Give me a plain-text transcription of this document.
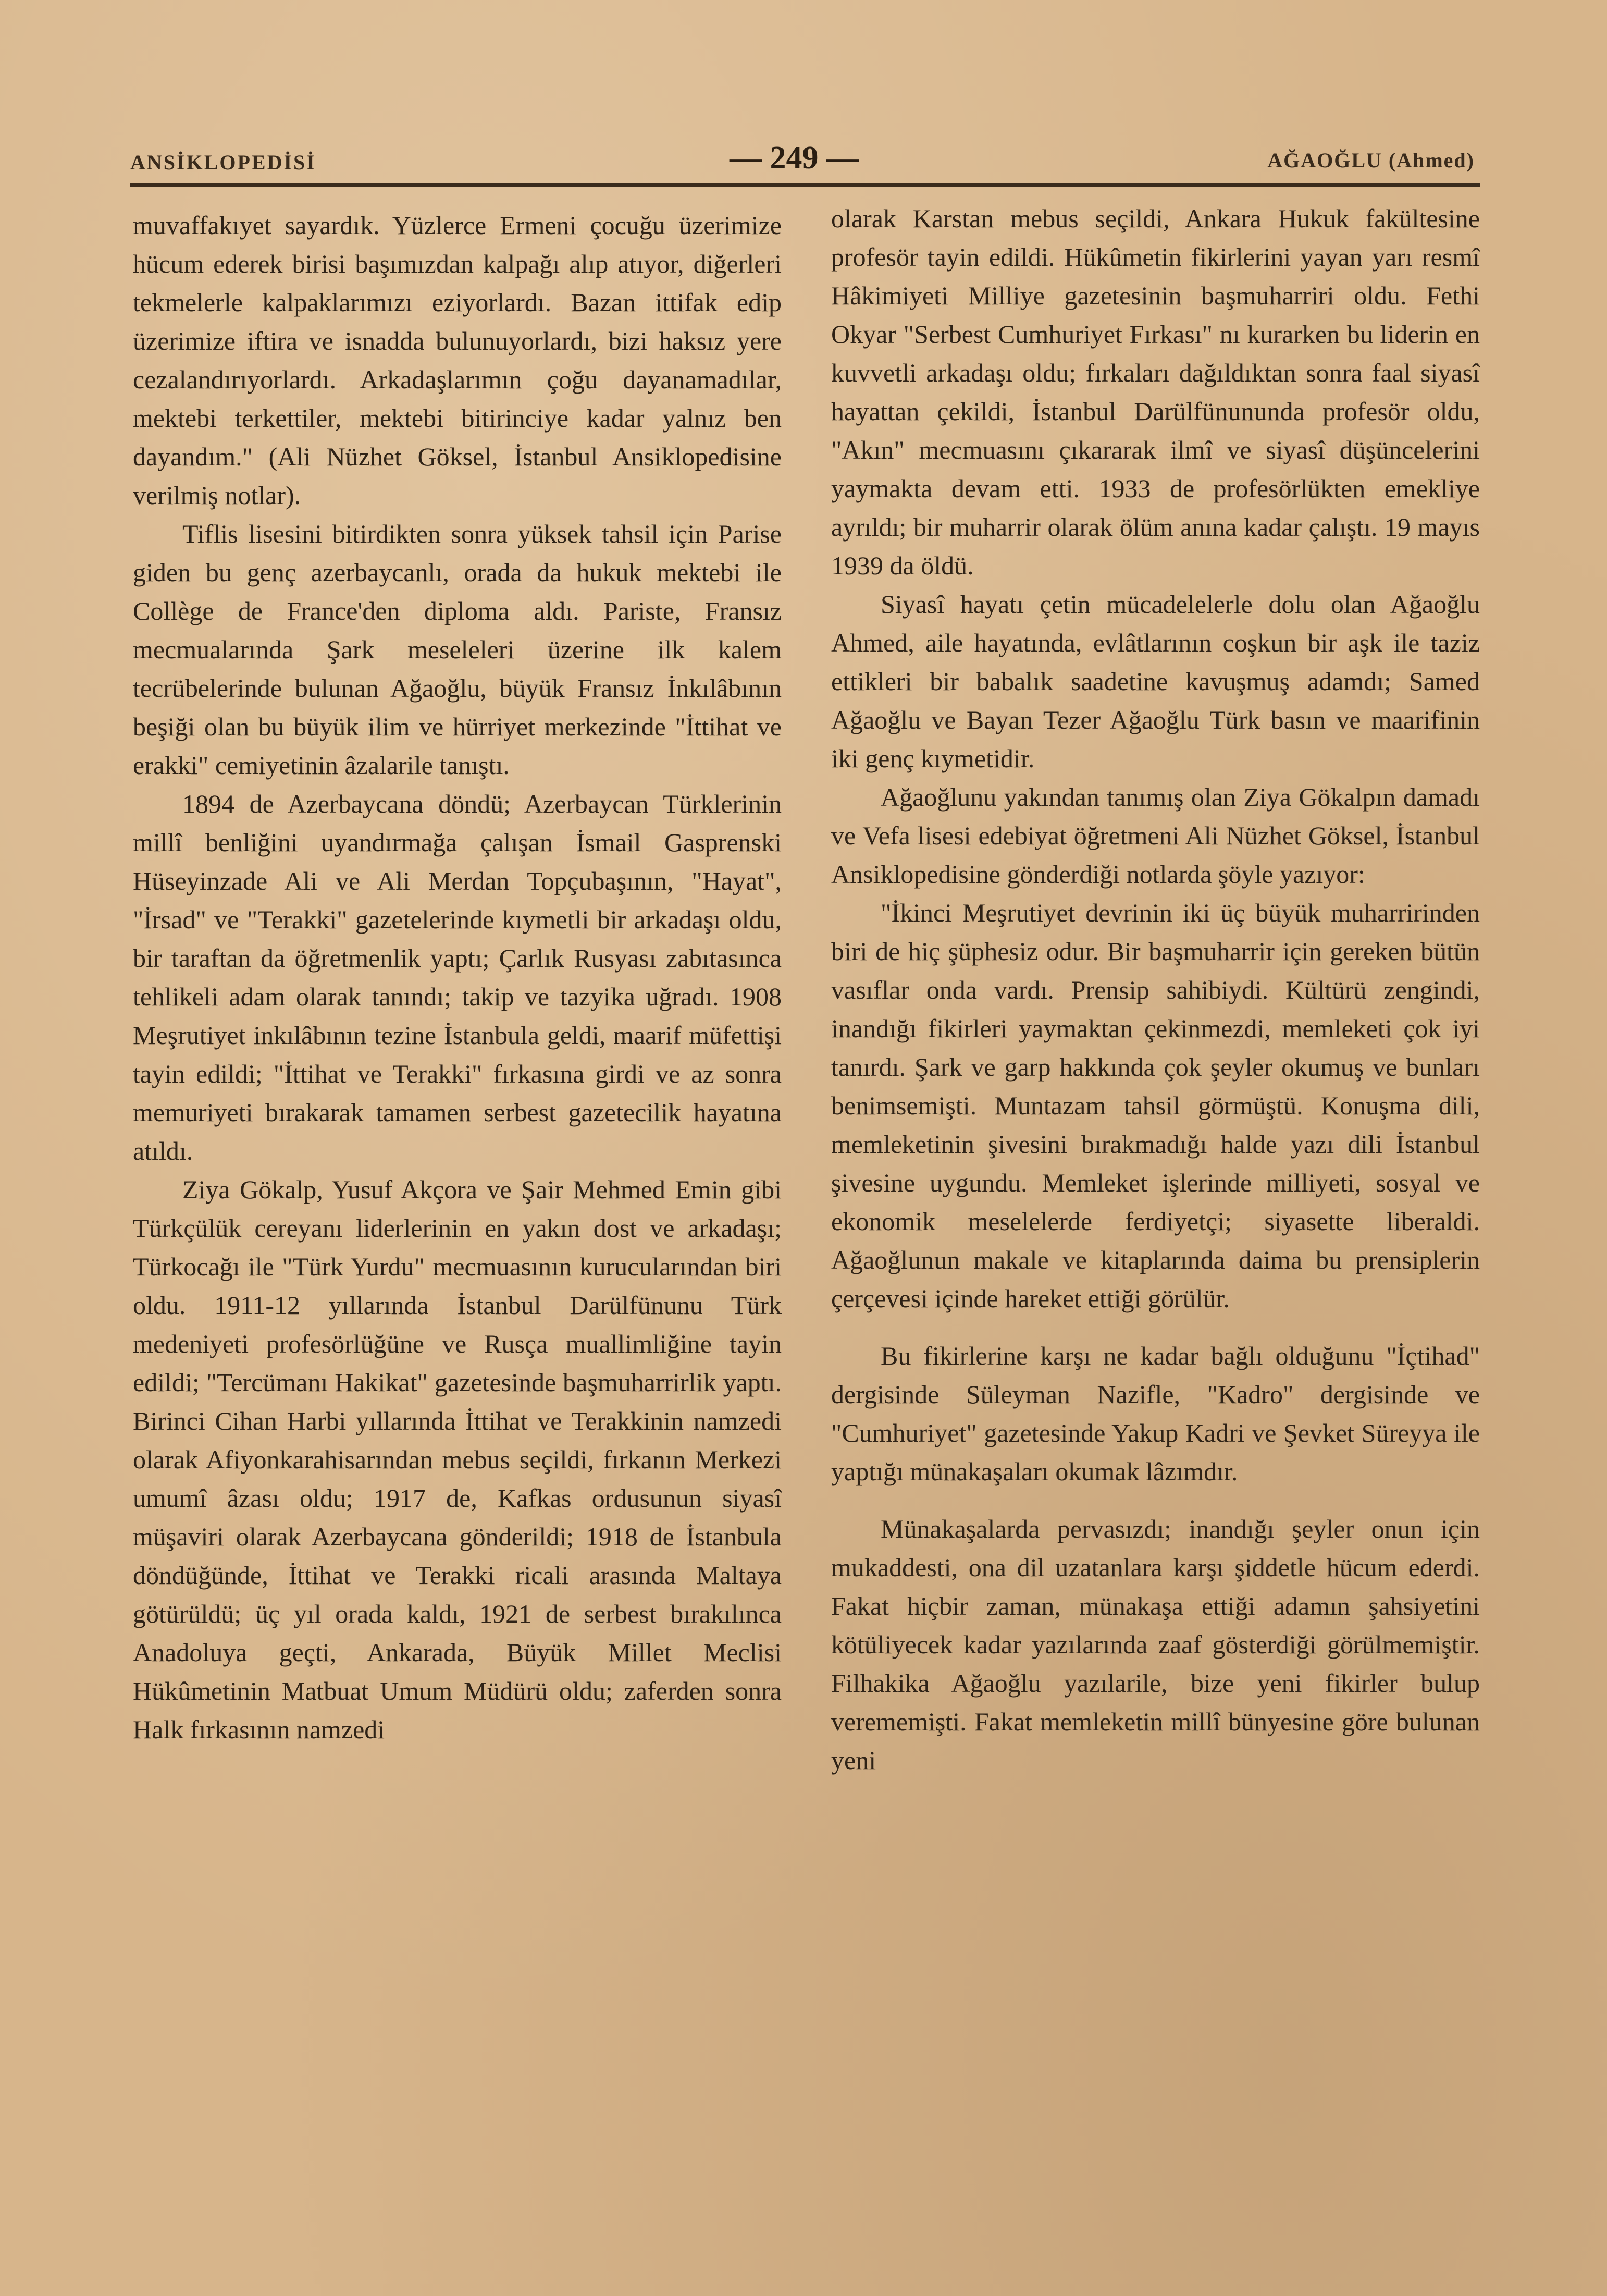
ANSİKLOPEDİSİ	— 249 —	AĞAOĞLU (Ahmed)

muvaffakıyet sayardık. Yüzlerce Ermeni çocuğu üzerimize hücum ederek birisi başımızdan kalpağı alıp atıyor, diğerleri tekmelerle kalpaklarımızı eziyorlardı. Bazan ittifak edip üzerimize iftira ve isnadda bulunuyorlardı, bizi haksız yere cezalandırıyorlardı. Arkadaşlarımın çoğu dayanamadılar, mektebi terkettiler, mektebi bitirinciye kadar yalnız ben dayandım." (Ali Nüzhet Göksel, İstanbul Ansiklopedisine verilmiş notlar).

Tiflis lisesini bitirdikten sonra yüksek tahsil için Parise giden bu genç azerbaycanlı, orada da hukuk mektebi ile Collège de France'den diploma aldı. Pariste, Fransız mecmualarında Şark meseleleri üzerine ilk kalem tecrübelerinde bulunan Ağaoğlu, büyük Fransız İnkılâbının beşiği olan bu büyük ilim ve hürriyet merkezinde "İttihat ve erakki" cemiyetinin âzalarile tanıştı.

1894 de Azerbaycana döndü; Azerbaycan Türklerinin millî benliğini uyandırmağa çalışan İsmail Gasprenski Hüseyinzade Ali ve Ali Merdan Topçubaşının, "Hayat", "İrsad" ve "Terakki" gazetelerinde kıymetli bir arkadaşı oldu, bir taraftan da öğretmenlik yaptı; Çarlık Rusyası zabıtasınca tehlikeli adam olarak tanındı; takip ve tazyika uğradı. 1908 Meşrutiyet inkılâbının tezine İstanbula geldi, maarif müfettişi tayin edildi; "İttihat ve Terakki" fırkasına girdi ve az sonra memuriyeti bırakarak tamamen serbest gazetecilik hayatına atıldı.

Ziya Gökalp, Yusuf Akçora ve Şair Mehmed Emin gibi Türkçülük cereyanı liderlerinin en yakın dost ve arkadaşı; Türkocağı ile "Türk Yurdu" mecmuasının kurucularından biri oldu. 1911-12 yıllarında İstanbul Darülfünunu Türk medeniyeti profesörlüğüne ve Rusça muallimliğine tayin edildi; "Tercümanı Hakikat" gazetesinde başmuharrirlik yaptı. Birinci Cihan Harbi yıllarında İttihat ve Terakkinin namzedi olarak Afiyonkarahisarından mebus seçildi, fırkanın Merkezi umumî âzası oldu; 1917 de, Kafkas ordusunun siyasî müşaviri olarak Azerbaycana gönderildi; 1918 de İstanbula döndüğünde, İttihat ve Terakki ricali arasında Maltaya götürüldü; üç yıl orada kaldı, 1921 de serbest bırakılınca Anadoluya geçti, Ankarada, Büyük Millet Meclisi Hükûmetinin Matbuat Umum Müdürü oldu; zaferden sonra Halk fırkasının namzedi

olarak Karstan mebus seçildi, Ankara Hukuk fakültesine profesör tayin edildi. Hükûmetin fikirlerini yayan yarı resmî Hâkimiyeti Milliye gazetesinin başmuharriri oldu. Fethi Okyar "Serbest Cumhuriyet Fırkası" nı kurarken bu liderin en kuvvetli arkadaşı oldu; fırkaları dağıldıktan sonra faal siyasî hayattan çekildi, İstanbul Darülfünununda profesör oldu, "Akın" mecmuasını çıkararak ilmî ve siyasî düşüncelerini yaymakta devam etti. 1933 de profesörlükten emekliye ayrıldı; bir muharrir olarak ölüm anına kadar çalıştı. 19 mayıs 1939 da öldü.

Siyasî hayatı çetin mücadelelerle dolu olan Ağaoğlu Ahmed, aile hayatında, evlâtlarının coşkun bir aşk ile taziz ettikleri bir babalık saadetine kavuşmuş adamdı; Samed Ağaoğlu ve Bayan Tezer Ağaoğlu Türk basın ve maarifinin iki genç kıymetidir.

Ağaoğlunu yakından tanımış olan Ziya Gökalpın damadı ve Vefa lisesi edebiyat öğretmeni Ali Nüzhet Göksel, İstanbul Ansiklopedisine gönderdiği notlarda şöyle yazıyor:

"İkinci Meşrutiyet devrinin iki üç büyük muharririnden biri de hiç şüphesiz odur. Bir başmuharrir için gereken bütün vasıflar onda vardı. Prensip sahibiydi. Kültürü zengindi, inandığı fikirleri yaymaktan çekinmezdi, memleketi çok iyi tanırdı. Şark ve garp hakkında çok şeyler okumuş ve bunları benimsemişti. Muntazam tahsil görmüştü. Konuşma dili, memleketinin şivesini bırakmadığı halde yazı dili İstanbul şivesine uygundu. Memleket işlerinde milliyeti, sosyal ve ekonomik meselelerde ferdiyetçi; siyasette liberaldi. Ağaoğlunun makale ve kitaplarında daima bu prensiplerin çerçevesi içinde hareket ettiği görülür.

Bu fikirlerine karşı ne kadar bağlı olduğunu "İçtihad" dergisinde Süleyman Nazifle, "Kadro" dergisinde ve "Cumhuriyet" gazetesinde Yakup Kadri ve Şevket Süreyya ile yaptığı münakaşaları okumak lâzımdır.

Münakaşalarda pervasızdı; inandığı şeyler onun için mukaddesti, ona dil uzatanlara karşı şiddetle hücum ederdi. Fakat hiçbir zaman, münakaşa ettiği adamın şahsiyetini kötüliyecek kadar yazılarında zaaf gösterdiği görülmemiştir. Filhakika Ağaoğlu yazılarile, bize yeni fikirler bulup verememişti. Fakat memleketin millî bünyesine göre bulunan yeni
